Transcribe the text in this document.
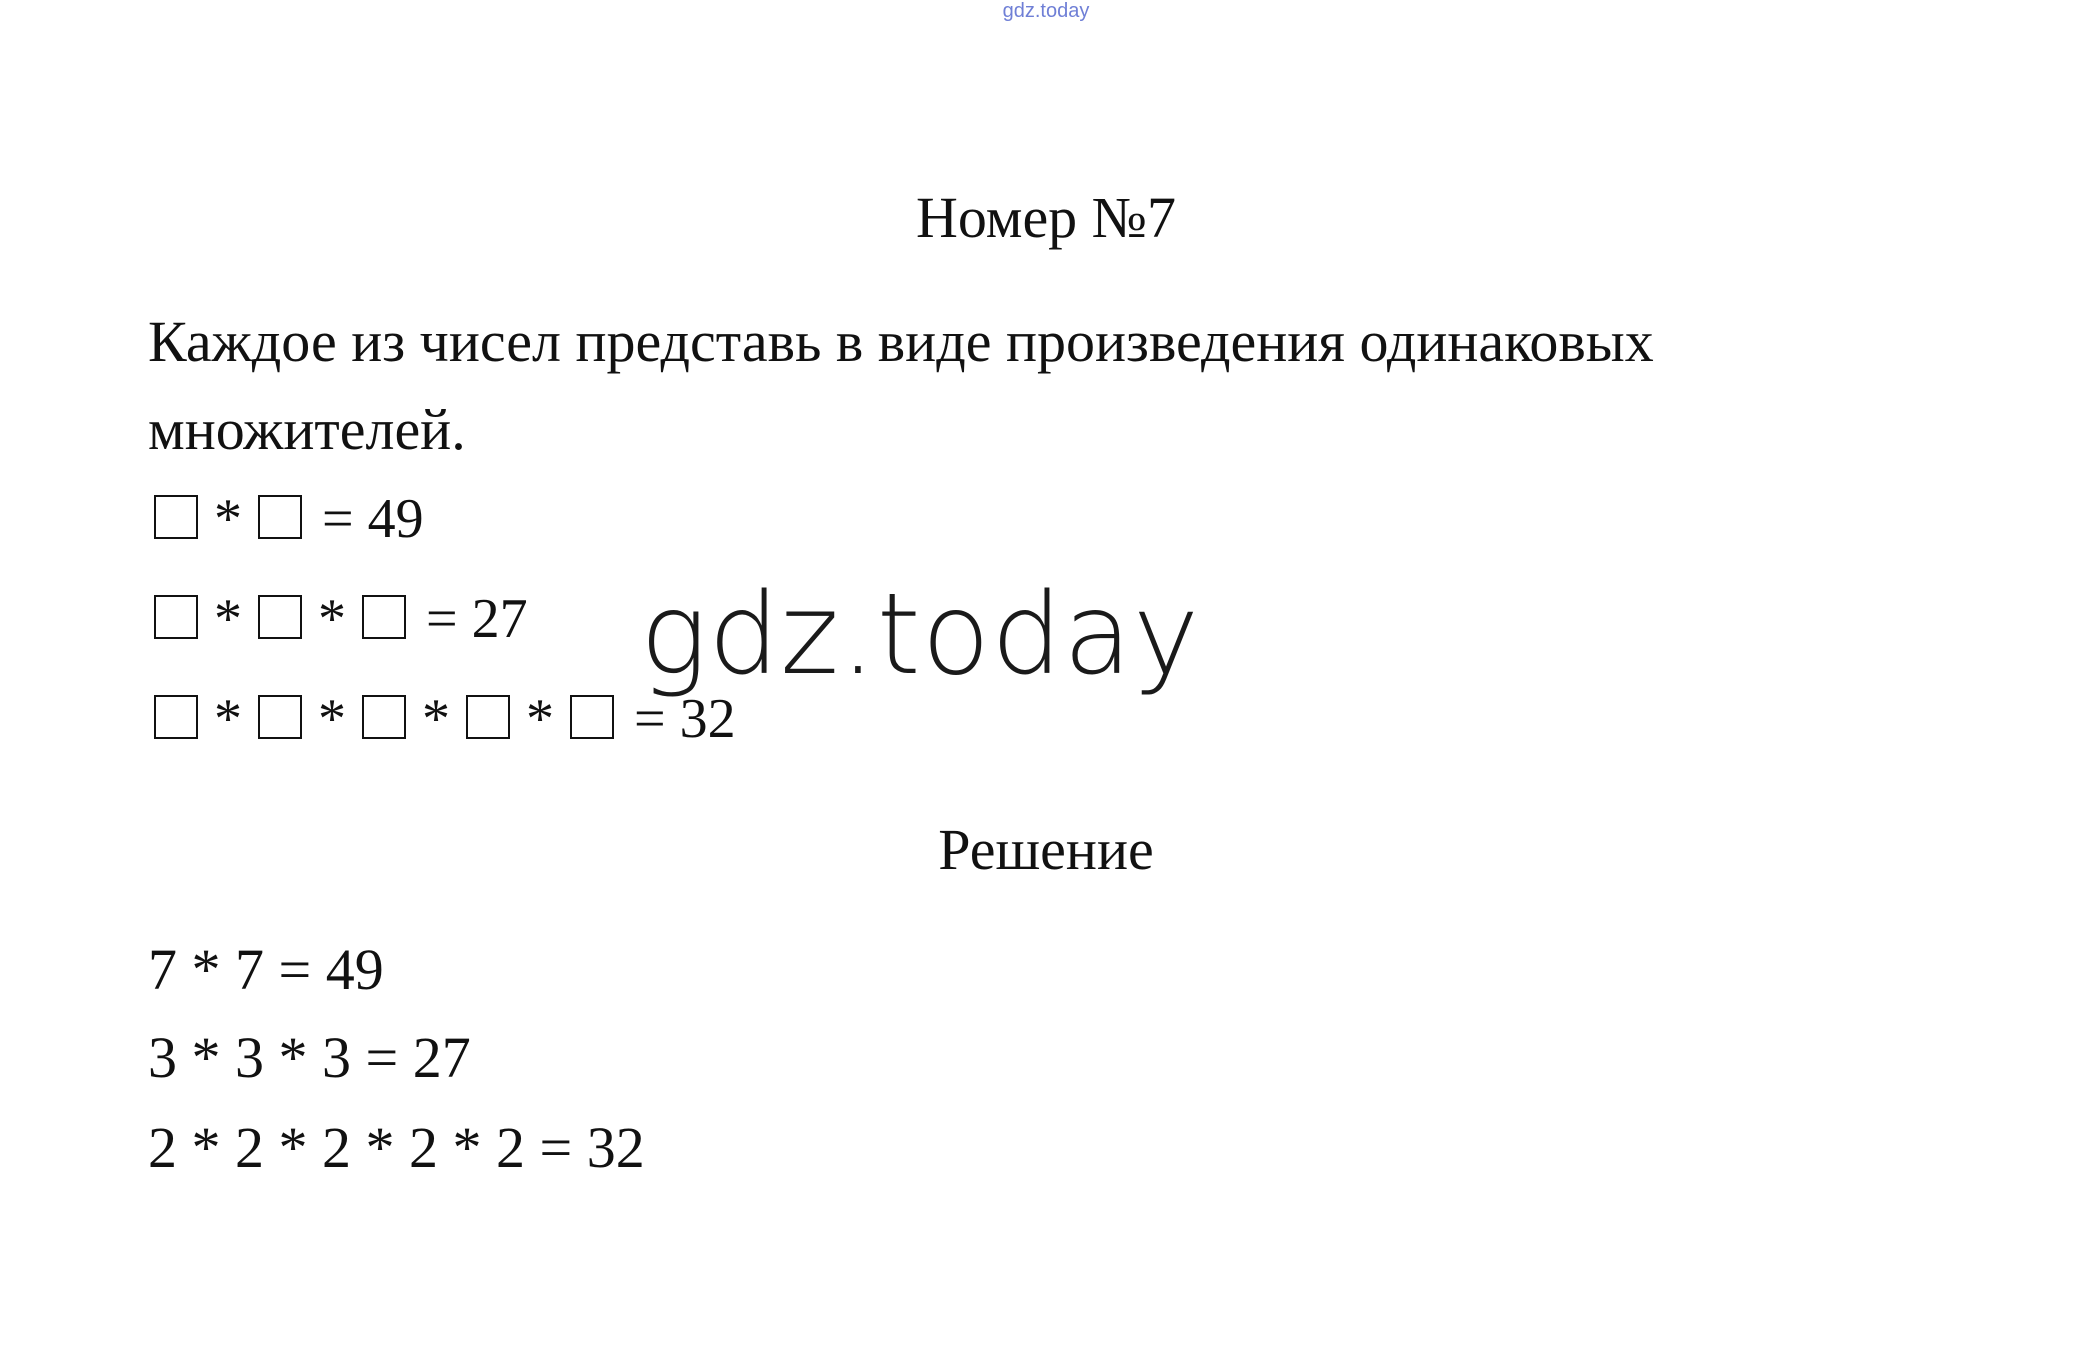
gdz.today
Номер №7
Каждое из чисел представь в виде произведения одинаковых множителей.
* = 49
* * = 27
* * * * = 32
gdz.today
Решение
7 * 7 = 49
3 * 3 * 3 = 27
2 * 2 * 2 * 2 * 2 = 32
